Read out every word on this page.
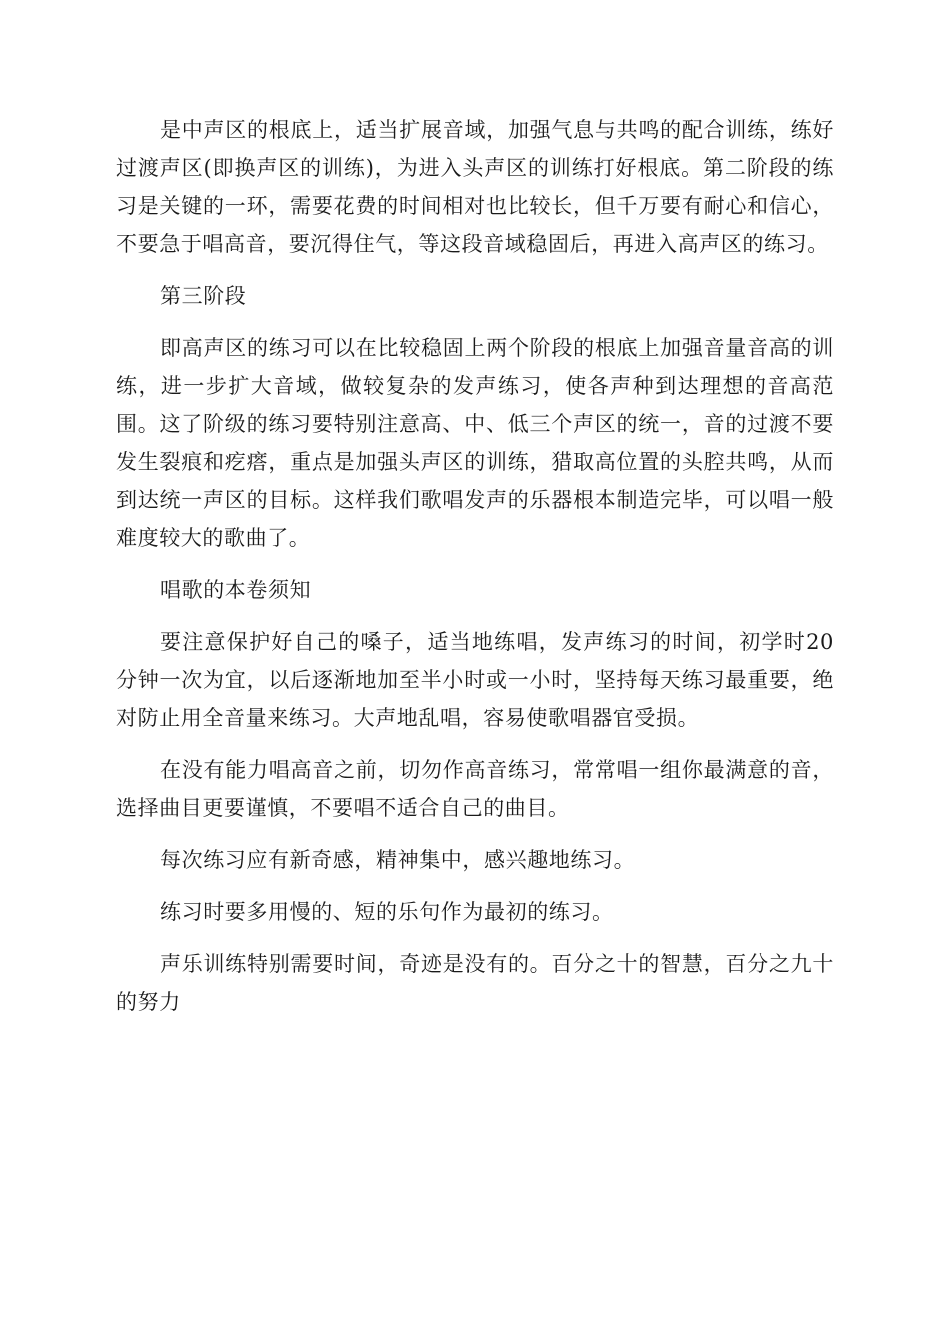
是中声区的根底上，适当扩展音域，加强气息与共鸣的配合训练，练好过渡声区(即换声区的训练)，为进入头声区的训练打好根底。第二阶段的练习是关键的一环，需要花费的时间相对也比较长，但千万要有耐心和信心，不要急于唱高音，要沉得住气，等这段音域稳固后，再进入高声区的练习。

第三阶段

即高声区的练习可以在比较稳固上两个阶段的根底上加强音量音高的训练，进一步扩大音域，做较复杂的发声练习，使各声种到达理想的音高范围。这了阶级的练习要特别注意高、中、低三个声区的统一，音的过渡不要发生裂痕和疙瘩，重点是加强头声区的训练，猎取高位置的头腔共鸣，从而到达统一声区的目标。这样我们歌唱发声的乐器根本制造完毕，可以唱一般难度较大的歌曲了。

唱歌的本卷须知

要注意保护好自己的嗓子，适当地练唱，发声练习的时间，初学时20分钟一次为宜，以后逐渐地加至半小时或一小时，坚持每天练习最重要，绝对防止用全音量来练习。大声地乱唱，容易使歌唱器官受损。

在没有能力唱高音之前，切勿作高音练习，常常唱一组你最满意的音，选择曲目更要谨慎，不要唱不适合自己的曲目。

每次练习应有新奇感，精神集中，感兴趣地练习。

练习时要多用慢的、短的乐句作为最初的练习。

声乐训练特别需要时间，奇迹是没有的。百分之十的智慧，百分之九十的努力
